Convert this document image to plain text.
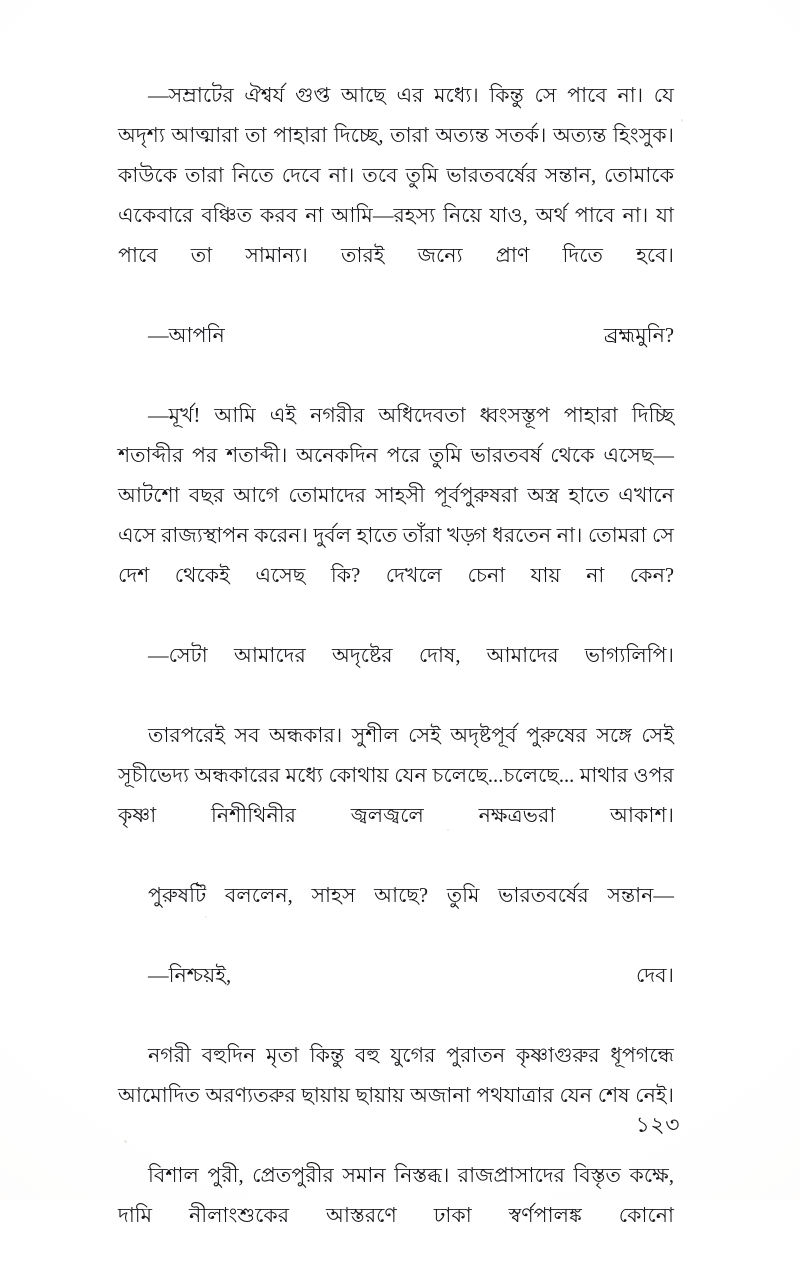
—সম্রাটের ঐশ্বর্য গুপ্ত আছে এর মধ্যে। কিন্তু সে পাবে না। যে অদৃশ্য আত্মারা তা পাহারা দিচ্ছে, তারা অত্যন্ত সতর্ক। অত্যন্ত হিংসুক। কাউকে তারা নিতে দেবে না। তবে তুমি ভারতবর্ষের সন্তান, তোমাকে একেবারে বঞ্চিত করব না আমি—রহস্য নিয়ে যাও, অর্থ পাবে না। যা পাবে তা সামান্য। তারই জন্যে প্রাণ দিতে হবে।

—আপনি ব্রহ্মমুনি?

—মূর্খ! আমি এই নগরীর অধিদেবতা ধ্বংসস্তূপ পাহারা দিচ্ছি শতাব্দীর পর শতাব্দী। অনেকদিন পরে তুমি ভারতবর্ষ থেকে এসেছ—আটশো বছর আগে তোমাদের সাহসী পূর্বপুরুষরা অস্ত্র হাতে এখানে এসে রাজ্যস্থাপন করেন। দুর্বল হাতে তাঁরা খড়্গ ধরতেন না। তোমরা সে দেশ থেকেই এসেছ কি? দেখলে চেনা যায় না কেন?

—সেটা আমাদের অদৃষ্টের দোষ, আমাদের ভাগ্যলিপি।

তারপরেই সব অন্ধকার। সুশীল সেই অদৃষ্টপূর্ব পুরুষের সঙ্গে সেই সূচীভেদ্য অন্ধকারের মধ্যে কোথায় যেন চলেছে...চলেছে... মাথার ওপর কৃষ্ণা নিশীথিনীর জ্বলজ্বলে নক্ষত্রভরা আকাশ।

পুরুষটি বললেন, সাহস আছে? তুমি ভারতবর্ষের সন্তান—

—নিশ্চয়ই, দেব।

নগরী বহুদিন মৃতা কিন্তু বহু যুগের পুরাতন কৃষ্ণাগুরুর ধূপগন্ধে আমোদিত অরণ্যতরুর ছায়ায় ছায়ায় অজানা পথযাত্রার যেন শেষ নেই।

বিশাল পুরী, প্রেতপুরীর সমান নিস্তব্ধ। রাজপ্রাসাদের বিস্তৃত কক্ষে, দামি নীলাংশুকের আস্তরণে ঢাকা স্বর্ণপালঙ্ক কোনো

১২৩
